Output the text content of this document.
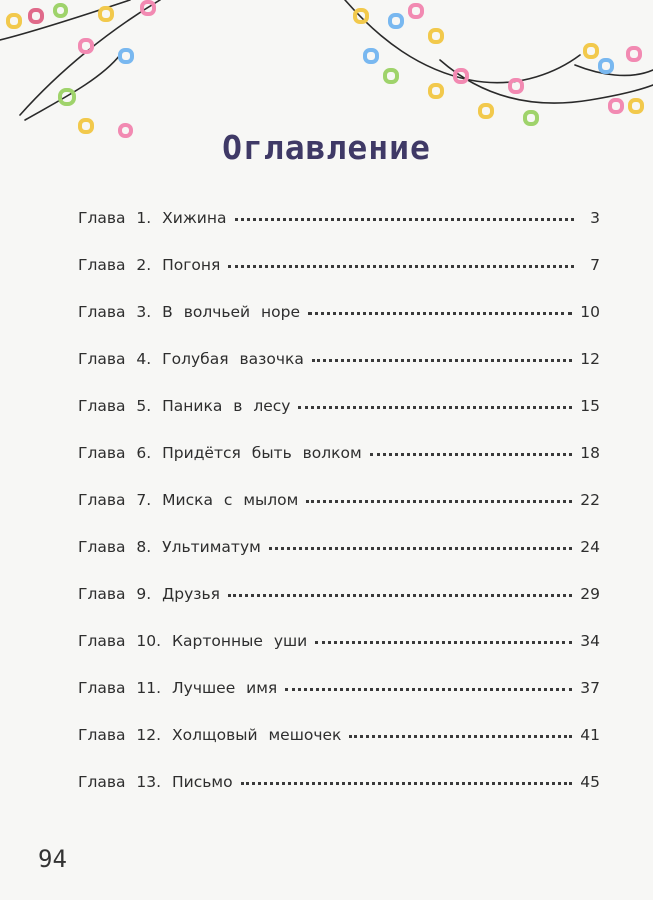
Оглавление
Глава 1. Хижина	3
Глава 2. Погоня	7
Глава 3. В волчьей норе	10
Глава 4. Голубая вазочка	12
Глава 5. Паника в лесу	15
Глава 6. Придётся быть волком	18
Глава 7. Миска с мылом	22
Глава 8. Ультиматум	24
Глава 9. Друзья	29
Глава 10. Картонные уши	34
Глава 11. Лучшее имя	37
Глава 12. Холщовый мешочек	41
Глава 13. Письмо	45
94
